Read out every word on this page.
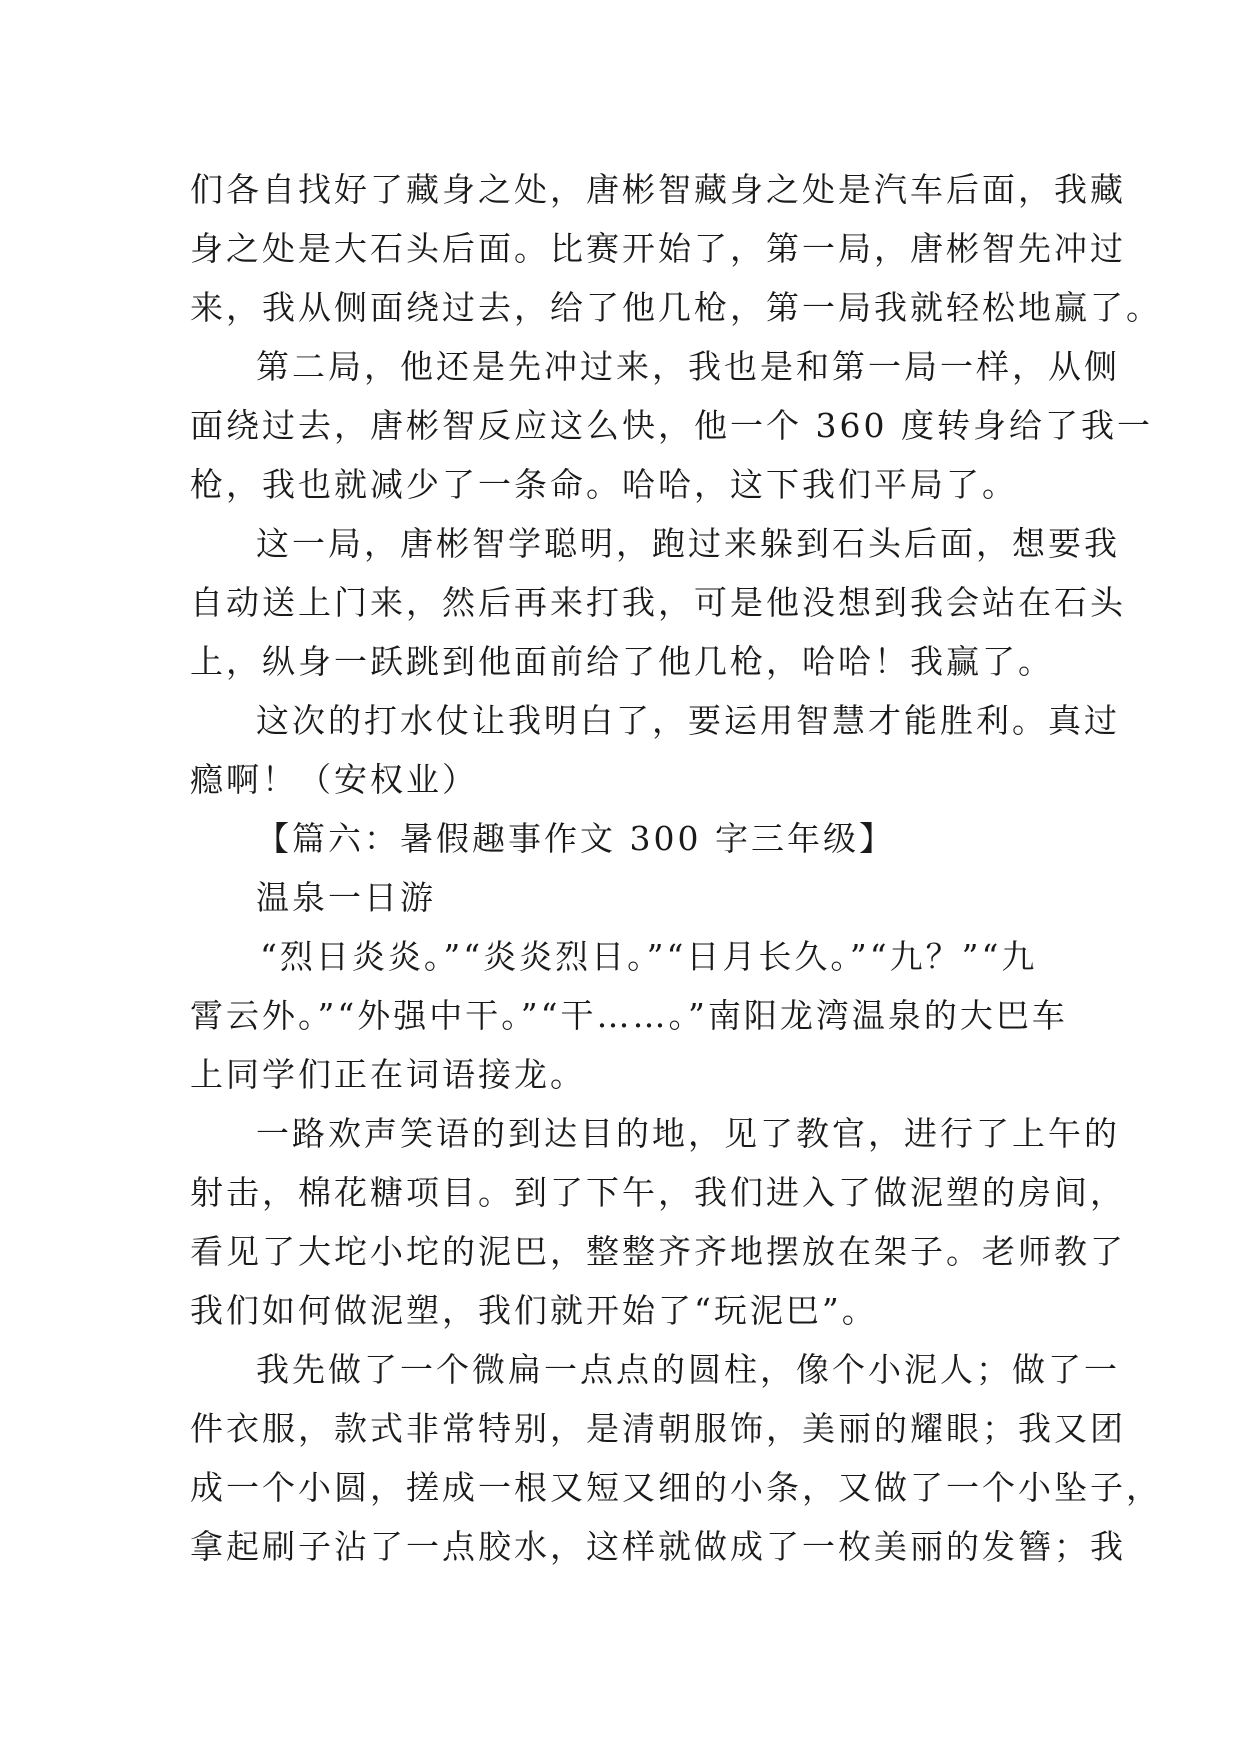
们各自找好了藏身之处，唐彬智藏身之处是汽车后面，我藏
身之处是大石头后面。比赛开始了，第一局，唐彬智先冲过
来，我从侧面绕过去，给了他几枪，第一局我就轻松地赢了。
第二局，他还是先冲过来，我也是和第一局一样，从侧
面绕过去，唐彬智反应这么快，他一个 360 度转身给了我一
枪，我也就减少了一条命。哈哈，这下我们平局了。
这一局，唐彬智学聪明，跑过来躲到石头后面，想要我
自动送上门来，然后再来打我，可是他没想到我会站在石头
上，纵身一跃跳到他面前给了他几枪，哈哈！我赢了。
这次的打水仗让我明白了，要运用智慧才能胜利。真过
瘾啊！（安权业）
【篇六：暑假趣事作文 300 字三年级】
温泉一日游
“烈日炎炎。”“炎炎烈日。”“日月长久。”“九？”“九
霄云外。”“外强中干。”“干……。”南阳龙湾温泉的大巴车
上同学们正在词语接龙。
一路欢声笑语的到达目的地，见了教官，进行了上午的
射击，棉花糖项目。到了下午，我们进入了做泥塑的房间，
看见了大坨小坨的泥巴，整整齐齐地摆放在架子。老师教了
我们如何做泥塑，我们就开始了“玩泥巴”。
我先做了一个微扁一点点的圆柱，像个小泥人；做了一
件衣服，款式非常特别，是清朝服饰，美丽的耀眼；我又团
成一个小圆，搓成一根又短又细的小条，又做了一个小坠子，
拿起刷子沾了一点胶水，这样就做成了一枚美丽的发簪；我
